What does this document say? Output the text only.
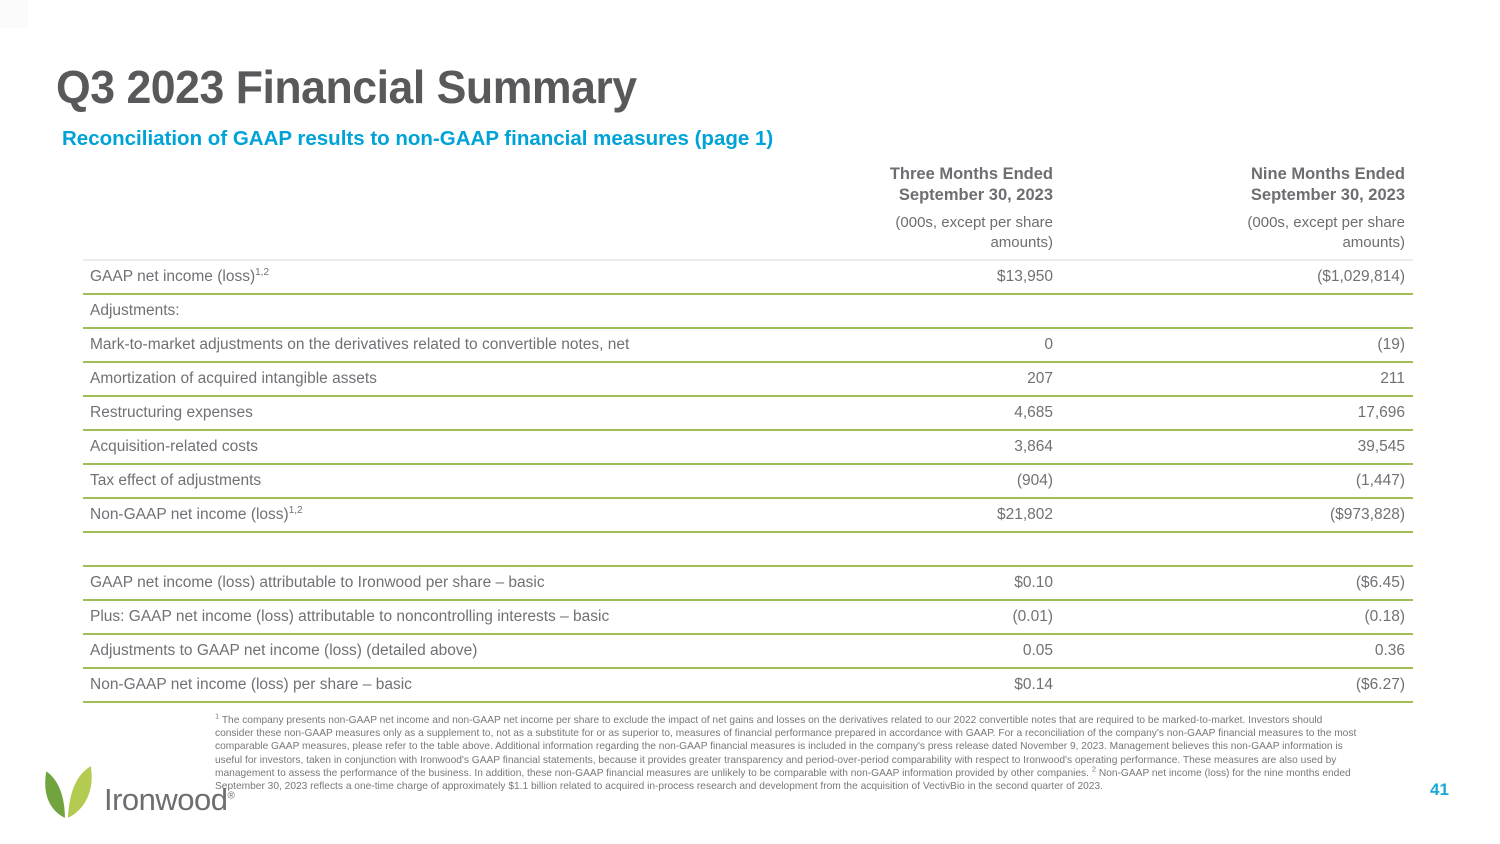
Q3 2023 Financial Summary
Reconciliation of GAAP results to non-GAAP financial measures (page 1)
Three Months Ended
September 30, 2023
(000s, except per share amounts)
Nine Months Ended
September 30, 2023
(000s, except per share amounts)
GAAP net income (loss)$^{1,2}$	$13,950	($1,029,814)
Adjustments:
Mark-to-market adjustments on the derivatives related to convertible notes, net	0	(19)
Amortization of acquired intangible assets	207	211
Restructuring expenses	4,685	17,696
Acquisition-related costs	3,864	39,545
Tax effect of adjustments	(904)	(1,447)
Non-GAAP net income (loss)$^{1,2}$	$21,802	($973,828)
GAAP net income (loss) attributable to Ironwood per share – basic	$0.10	($6.45)
Plus: GAAP net income (loss) attributable to noncontrolling interests – basic	(0.01)	(0.18)
Adjustments to GAAP net income (loss) (detailed above)	0.05	0.36
Non-GAAP net income (loss) per share – basic	$0.14	($6.27)

$^1$ The company presents non-GAAP net income and non-GAAP net income per share to exclude the impact of net gains and losses on the derivatives related to our 2022 convertible notes that are required to be marked-to-market. Investors should consider these non-GAAP measures only as a supplement to, not as a substitute for or as superior to, measures of financial performance prepared in accordance with GAAP. For a reconciliation of the company's non-GAAP financial measures to the most comparable GAAP measures, please refer to the table above. Additional information regarding the non-GAAP financial measures is included in the company's press release dated November 9, 2023. Management believes this non-GAAP information is useful for investors, taken in conjunction with Ironwood's GAAP financial statements, because it provides greater transparency and period-over-period comparability with respect to Ironwood's operating performance. These measures are also used by management to assess the performance of the business. In addition, these non-GAAP financial measures are unlikely to be comparable with non-GAAP information provided by other companies. $^2$ Non-GAAP net income (loss) for the nine months ended September 30, 2023 reflects a one-time charge of approximately $1.1 billion related to acquired in-process research and development from the acquisition of VectivBio in the second quarter of 2023.

Ironwood®	41
